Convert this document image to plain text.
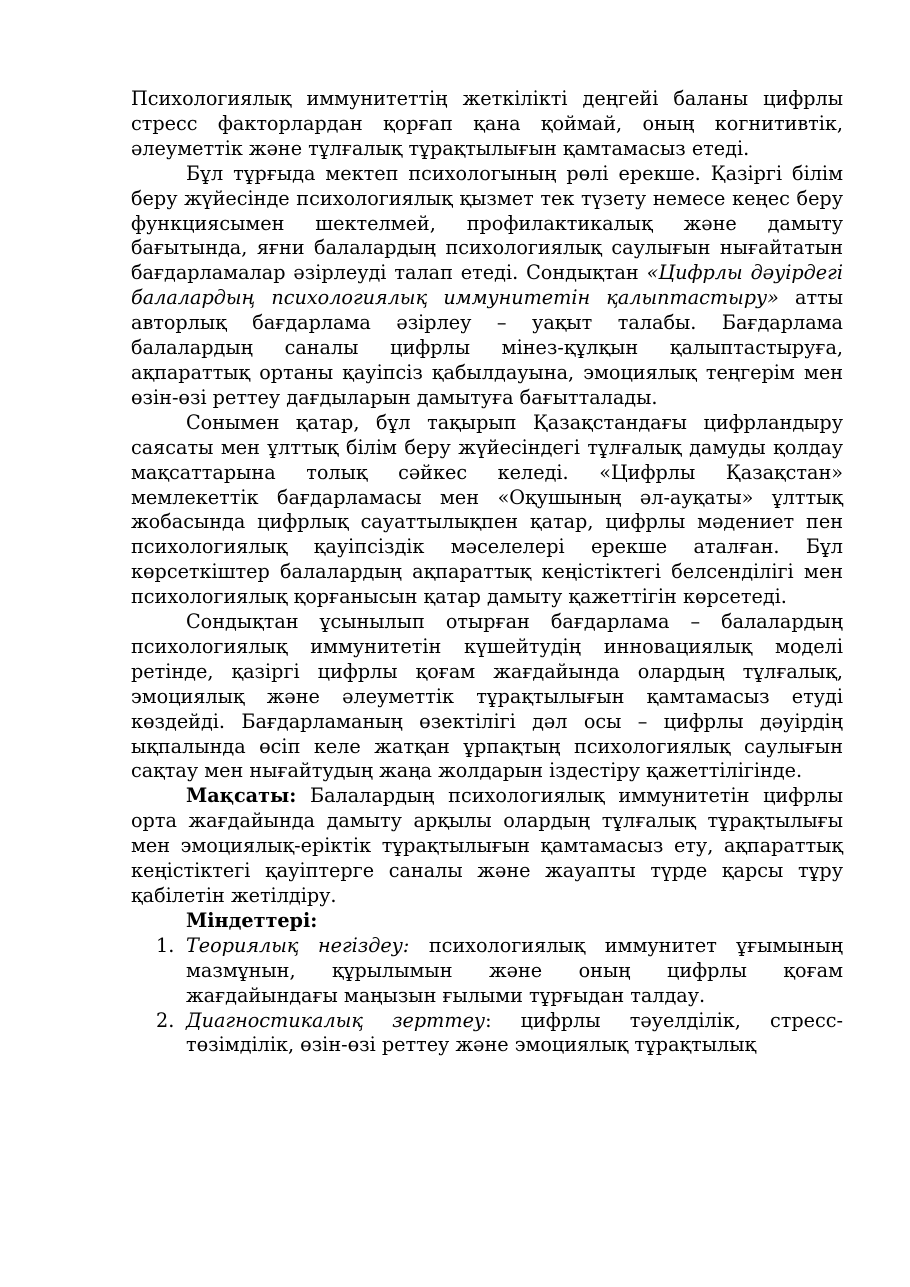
Психологиялық иммунитеттің жеткілікті деңгейі баланы цифрлы стресс факторлардан қорғап қана қоймай, оның когнитивтік, әлеуметтік және тұлғалық тұрақтылығын қамтамасыз етеді.

Бұл тұрғыда мектеп психологының рөлі ерекше. Қазіргі білім беру жүйесінде психологиялық қызмет тек түзету немесе кеңес беру функциясымен шектелмей, профилактикалық және дамыту бағытында, яғни балалардың психологиялық саулығын нығайтатын бағдарламалар әзірлеуді талап етеді. Сондықтан «Цифрлы дәуірдегі балалардың психологиялық иммунитетін қалыптастыру» атты авторлық бағдарлама әзірлеу – уақыт талабы. Бағдарлама балалардың саналы цифрлы мінез-құлқын қалыптастыруға, ақпараттық ортаны қауіпсіз қабылдауына, эмоциялық теңгерім мен өзін-өзі реттеу дағдыларын дамытуға бағытталады.

Сонымен қатар, бұл тақырып Қазақстандағы цифрландыру саясаты мен ұлттық білім беру жүйесіндегі тұлғалық дамуды қолдау мақсаттарына толық сәйкес келеді. «Цифрлы Қазақстан» мемлекеттік бағдарламасы мен «Оқушының әл-ауқаты» ұлттық жобасында цифрлық сауаттылықпен қатар, цифрлы мәдениет пен психологиялық қауіпсіздік мәселелері ерекше аталған. Бұл көрсеткіштер балалардың ақпараттық кеңістіктегі белсенділігі мен психологиялық қорғанысын қатар дамыту қажеттігін көрсетеді.

Сондықтан ұсынылып отырған бағдарлама – балалардың психологиялық иммунитетін күшейтудің инновациялық моделі ретінде, қазіргі цифрлы қоғам жағдайында олардың тұлғалық, эмоциялық және әлеуметтік тұрақтылығын қамтамасыз етуді көздейді. Бағдарламаның өзектілігі дәл осы – цифрлы дәуірдің ықпалында өсіп келе жатқан ұрпақтың психологиялық саулығын сақтау мен нығайтудың жаңа жолдарын іздестіру қажеттілігінде.

Мақсаты: Балалардың психологиялық иммунитетін цифрлы орта жағдайында дамыту арқылы олардың тұлғалық тұрақтылығы мен эмоциялық-еріктік тұрақтылығын қамтамасыз ету, ақпараттық кеңістіктегі қауіптерге саналы және жауапты түрде қарсы тұру қабілетін жетілдіру.

Міндеттері:

1. Теориялық негіздеу: психологиялық иммунитет ұғымының мазмұнын, құрылымын және оның цифрлы қоғам жағдайындағы маңызын ғылыми тұрғыдан талдау.
2. Диагностикалық зерттеу: цифрлы тәуелділік, стресс-төзімділік, өзін-өзі реттеу және эмоциялық тұрақтылық
